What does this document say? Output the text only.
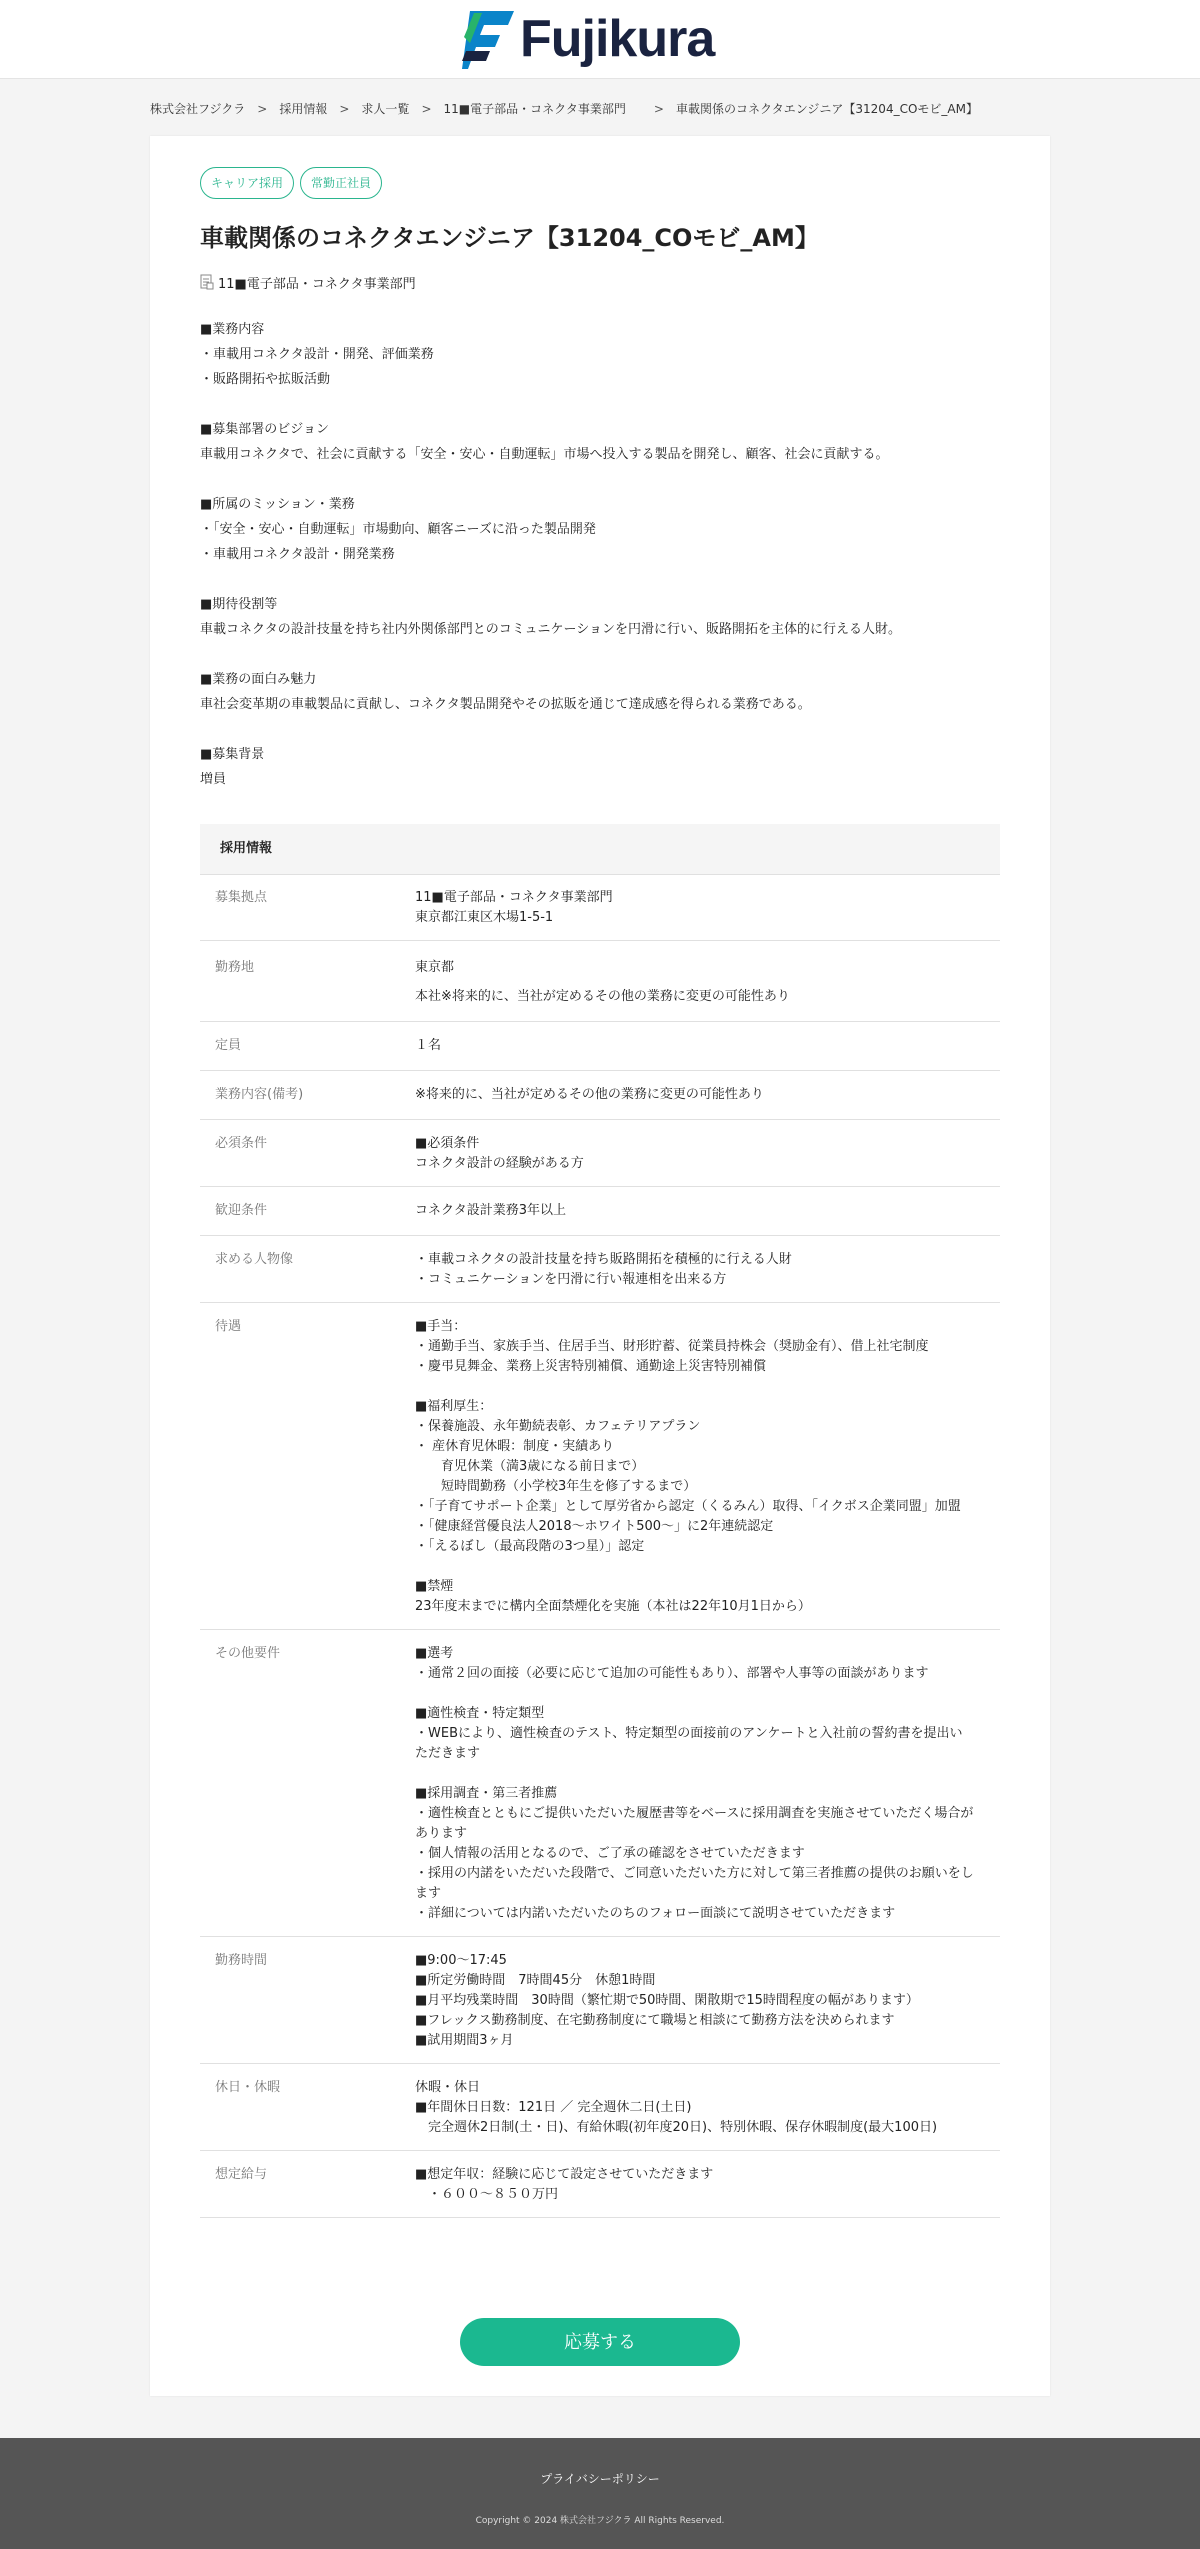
Fujikura
株式会社フジクラ > 採用情報 > 求人一覧 > 11■電子部品・コネクタ事業部門 > 車載関係のコネクタエンジニア【31204_COモビ_AM】
キャリア採用	常勤正社員
車載関係のコネクタエンジニア【31204_COモビ_AM】
11■電子部品・コネクタ事業部門

■業務内容
・車載用コネクタ設計・開発、評価業務
・販路開拓や拡販活動

■募集部署のビジョン
車載用コネクタで、社会に貢献する「安全・安心・自動運転」市場へ投入する製品を開発し、顧客、社会に貢献する。

■所属のミッション・業務
・「安全・安心・自動運転」市場動向、顧客ニーズに沿った製品開発
・車載用コネクタ設計・開発業務

■期待役割等
車載コネクタの設計技量を持ち社内外関係部門とのコミュニケーションを円滑に行い、販路開拓を主体的に行える人財。

■業務の面白み魅力
車社会変革期の車載製品に貢献し、コネクタ製品開発やその拡販を通じて達成感を得られる業務である。

■募集背景
増員

採用情報
募集拠点	11■電子部品・コネクタ事業部門
東京都江東区木場1-5-1
勤務地	東京都
本社※将来的に、当社が定めるその他の業務に変更の可能性あり
定員	１名
業務内容(備考)	※将来的に、当社が定めるその他の業務に変更の可能性あり
必須条件	■必須条件
コネクタ設計の経験がある方
歓迎条件	コネクタ設計業務3年以上
求める人物像	・車載コネクタの設計技量を持ち販路開拓を積極的に行える人財
・コミュニケーションを円滑に行い報連相を出来る方
待遇	■手当：
・通勤手当、家族手当、住居手当、財形貯蓄、従業員持株会（奨励金有）、借上社宅制度
・慶弔見舞金、業務上災害特別補償、通勤途上災害特別補償

■福利厚生：
・保養施設、永年勤続表彰、カフェテリアプラン
・ 産休育児休暇：制度・実績あり
　　育児休業（満3歳になる前日まで）
　　短時間勤務（小学校3年生を修了するまで）
・「子育てサポート企業」として厚労省から認定（くるみん）取得、「イクボス企業同盟」加盟
・「健康経営優良法人2018～ホワイト500～」に2年連続認定
・「えるぼし（最高段階の3つ星）」認定

■禁煙
23年度末までに構内全面禁煙化を実施（本社は22年10月1日から）
その他要件	■選考
・通常２回の面接（必要に応じて追加の可能性もあり）、部署や人事等の面談があります

■適性検査・特定類型
・WEBにより、適性検査のテスト、特定類型の面接前のアンケートと入社前の誓約書を提出いただきます

■採用調査・第三者推薦
・適性検査とともにご提供いただいた履歴書等をベースに採用調査を実施させていただく場合があります
・個人情報の活用となるので、ご了承の確認をさせていただきます
・採用の内諾をいただいた段階で、ご同意いただいた方に対して第三者推薦の提供のお願いをします
・詳細については内諾いただいたのちのフォロー面談にて説明させていただきます
勤務時間	■9:00～17:45
■所定労働時間　7時間45分　休憩1時間
■月平均残業時間　30時間（繁忙期で50時間、閑散期で15時間程度の幅があります）
■フレックス勤務制度、在宅勤務制度にて職場と相談にて勤務方法を決められます
■試用期間3ヶ月
休日・休暇	休暇・休日
■年間休日日数：121日 ／ 完全週休二日(土日)
　完全週休2日制(土・日)、有給休暇(初年度20日)、特別休暇、保存休暇制度(最大100日)
想定給与	■想定年収：経験に応じて設定させていただきます
　・６００～８５０万円
応募する
プライバシーポリシー
Copyright © 2024 株式会社フジクラ All Rights Reserved.
